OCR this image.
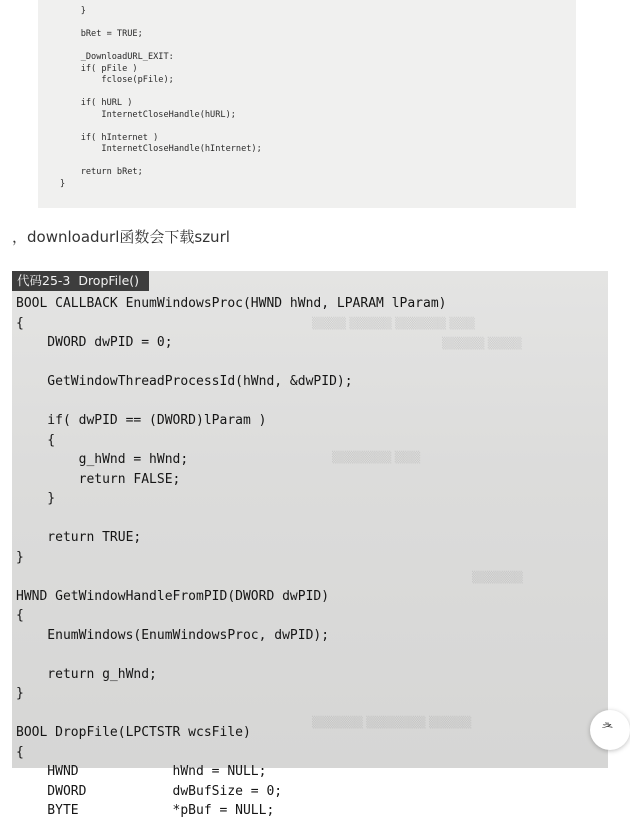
}

bRet = TRUE;

_DownloadURL_EXIT:
if( pFile )
fclose(pFile);

if( hURL )
InternetCloseHandle(hURL);

if( hInternet )
InternetCloseHandle(hInternet);

return bRet;
}
，downloadurl函数会下载szurl
▒▒▒▒ ▒▒▒▒▒ ▒▒▒▒▒▒ ▒▒▒
▒▒▒▒▒ ▒▒▒▒
▒▒▒▒▒▒▒ ▒▒▒
▒▒▒▒▒▒
▒▒▒▒▒▒ ▒▒▒▒▒▒▒ ▒▒▒▒▒
代码25-3  DropFile()
BOOL CALLBACK EnumWindowsProc(HWND hWnd, LPARAM lParam)
{
DWORD dwPID = 0;

GetWindowThreadProcessId(hWnd, &dwPID);

if( dwPID == (DWORD)lParam )
{
g_hWnd = hWnd;
return FALSE;
}

return TRUE;
}

HWND GetWindowHandleFromPID(DWORD dwPID)
{
EnumWindows(EnumWindowsProc, dwPID);

return g_hWnd;
}

BOOL DropFile(LPCTSTR wcsFile)
{
HWND            hWnd = NULL;
DWORD           dwBufSize = 0;
BYTE            *pBuf = NULL;
ᄎ
